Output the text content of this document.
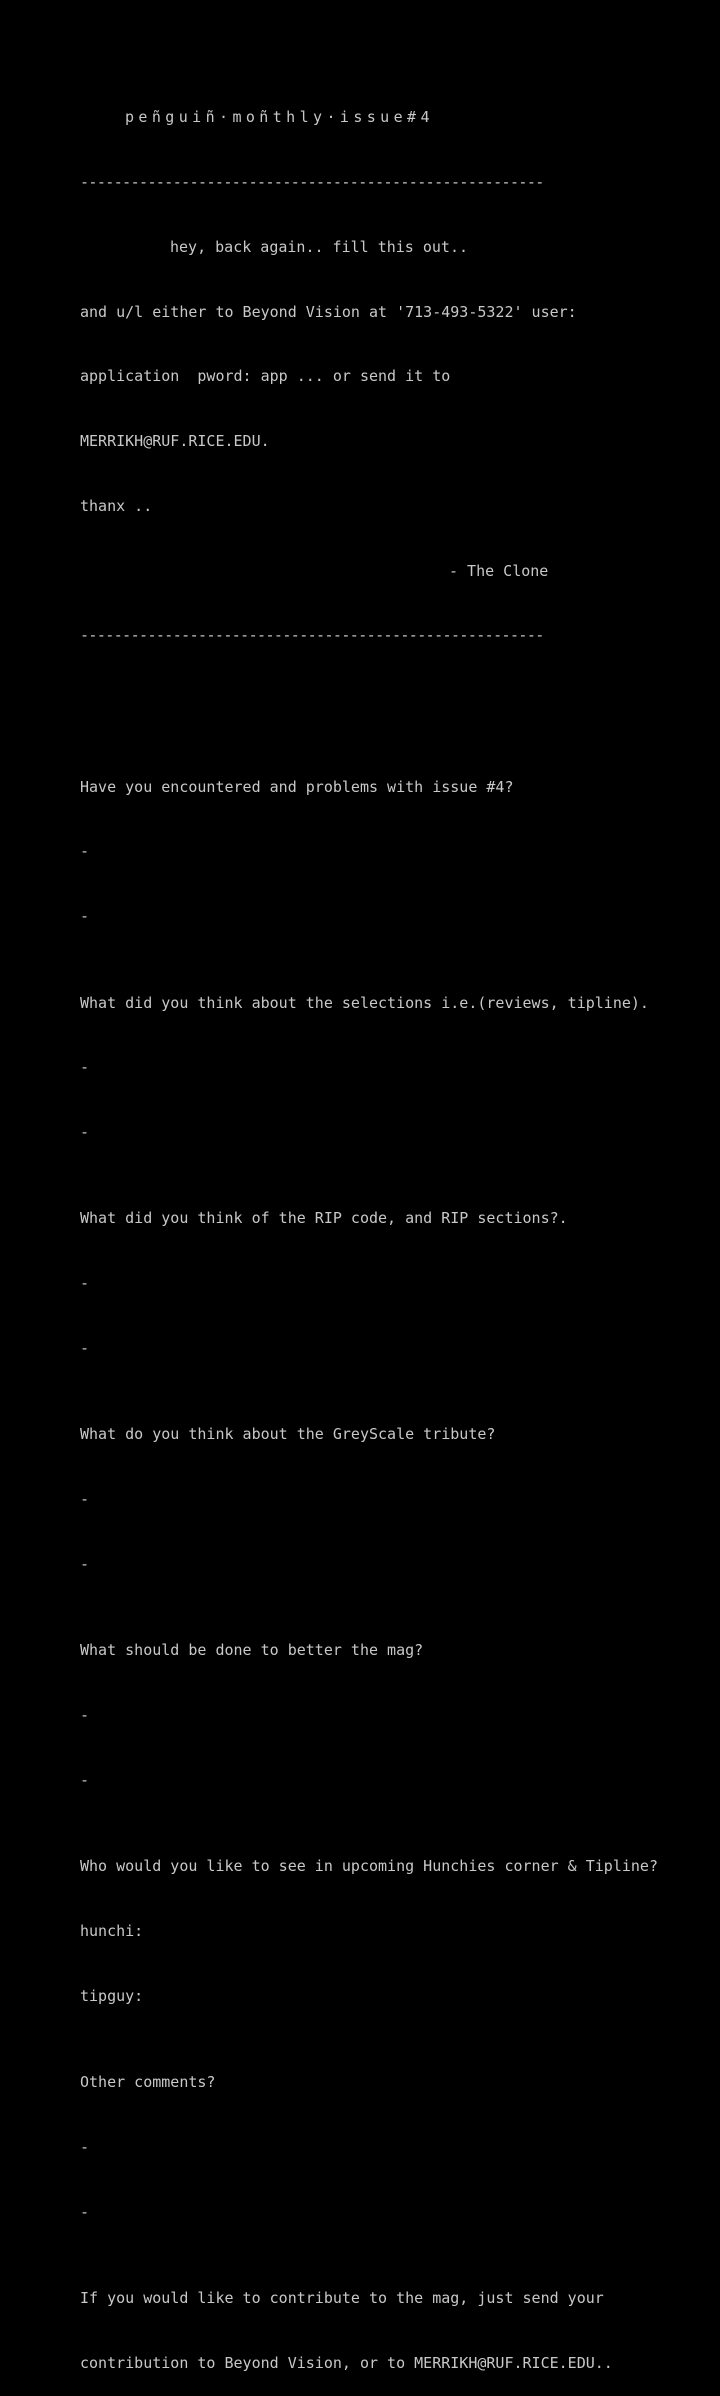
peñguiñ·moñthly·issue#4

-------------------------------------------------------

hey, back again.. fill this out..

and u/l either to Beyond Vision at '713-493-5322' user:

application  pword: app ... or send it to

MERRIKH@RUF.RICE.EDU.

thanx ..

- The Clone

-------------------------------------------------------

Have you encountered and problems with issue #4?

-

-

What did you think about the selections i.e.(reviews, tipline).

-

-

What did you think of the RIP code, and RIP sections?.

-

-

What do you think about the GreyScale tribute?

-

-

What should be done to better the mag?

-

-

Who would you like to see in upcoming Hunchies corner & Tipline?

hunchi:

tipguy:

Other comments?

-

-

If you would like to contribute to the mag, just send your

contribution to Beyond Vision, or to MERRIKH@RUF.RICE.EDU..
